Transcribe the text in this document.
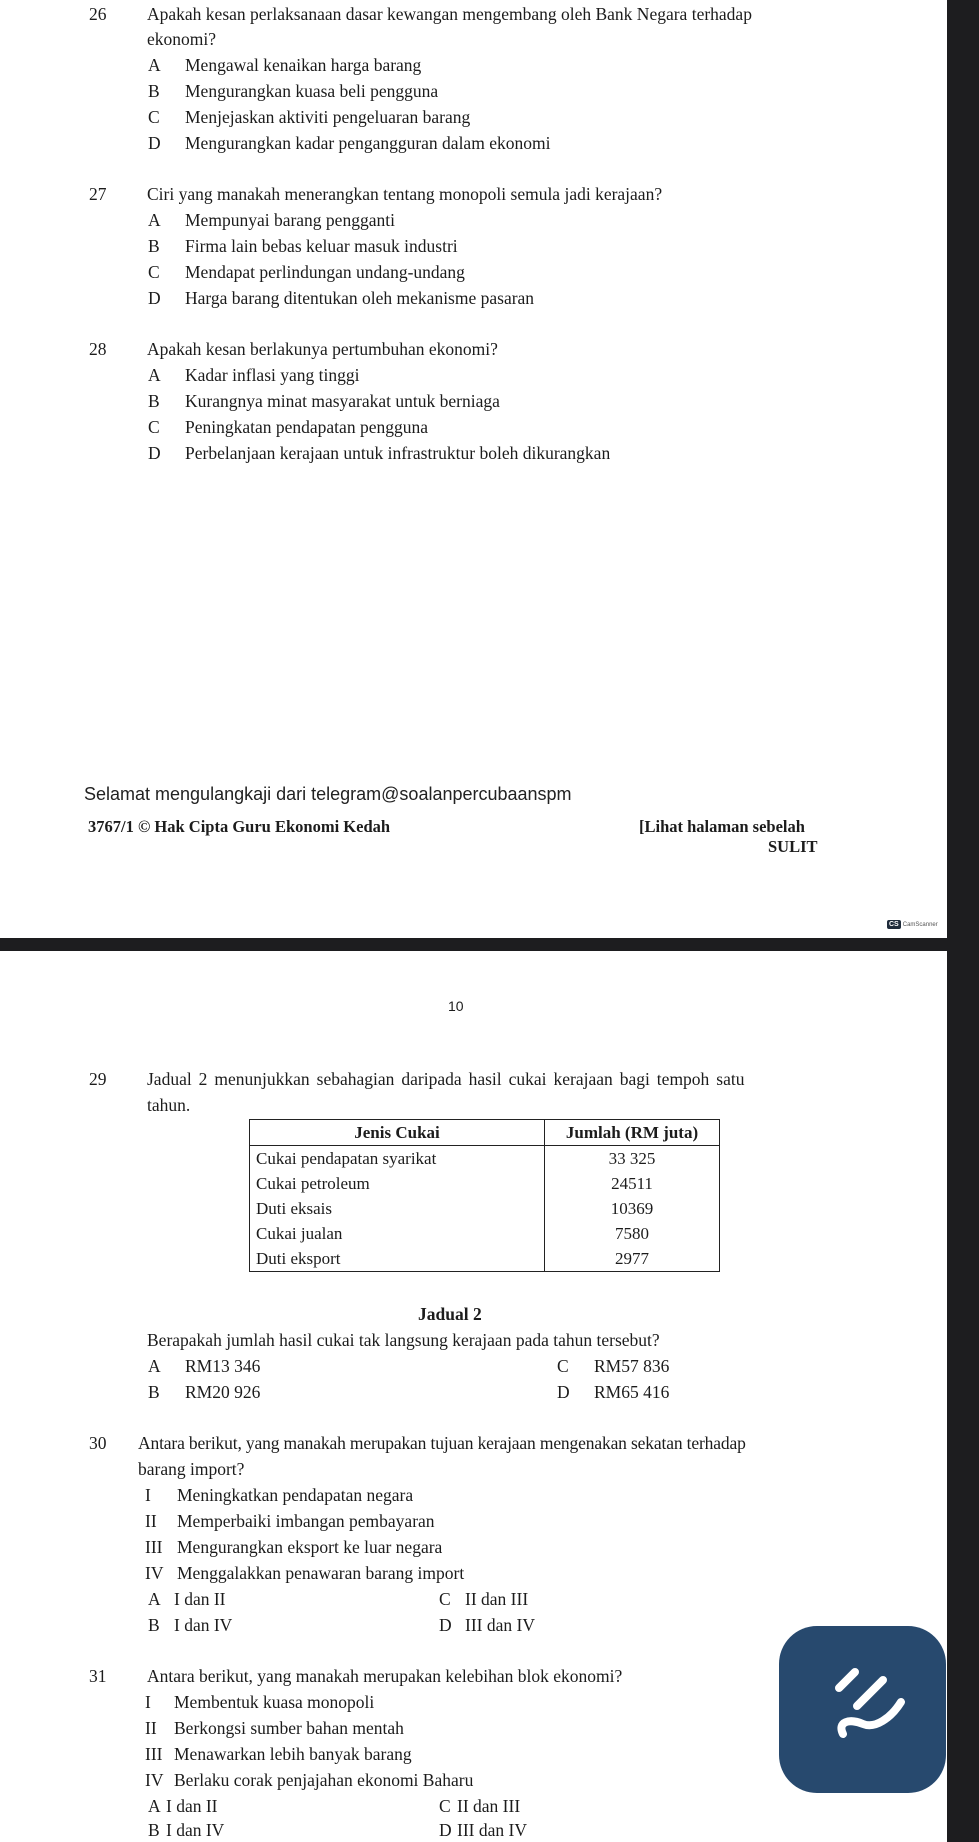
26 Apakah kesan perlaksanaan dasar kewangan mengembang oleh Bank Negara terhadap
ekonomi?
A Mengawal kenaikan harga barang
B Mengurangkan kuasa beli pengguna
C Menjejaskan aktiviti pengeluaran barang
D Mengurangkan kadar pengangguran dalam ekonomi
27 Ciri yang manakah menerangkan tentang monopoli semula jadi kerajaan?
A Mempunyai barang pengganti
B Firma lain bebas keluar masuk industri
C Mendapat perlindungan undang-undang
D Harga barang ditentukan oleh mekanisme pasaran
28 Apakah kesan berlakunya pertumbuhan ekonomi?
A Kadar inflasi yang tinggi
B Kurangnya minat masyarakat untuk berniaga
C Peningkatan pendapatan pengguna
D Perbelanjaan kerajaan untuk infrastruktur boleh dikurangkan
Selamat mengulangkaji dari telegram@soalanpercubaanspm
3767/1 © Hak Cipta Guru Ekonomi Kedah	[Lihat halaman sebelah
SULIT
CS CamScanner
10
29 Jadual 2 menunjukkan sebahagian daripada hasil cukai kerajaan bagi tempoh satu
tahun.
Jenis Cukai	Jumlah (RM juta)
Cukai pendapatan syarikat	33 325
Cukai petroleum	24511
Duti eksais	10369
Cukai jualan	7580
Duti eksport	2977
Jadual 2
Berapakah jumlah hasil cukai tak langsung kerajaan pada tahun tersebut?
A RM13 346	C RM57 836
B RM20 926	D RM65 416
30 Antara berikut, yang manakah merupakan tujuan kerajaan mengenakan sekatan terhadap
barang import?
I Meningkatkan pendapatan negara
II Memperbaiki imbangan pembayaran
III Mengurangkan eksport ke luar negara
IV Menggalakkan penawaran barang import
A I dan II	C II dan III
B I dan IV	D III dan IV
31 Antara berikut, yang manakah merupakan kelebihan blok ekonomi?
I Membentuk kuasa monopoli
II Berkongsi sumber bahan mentah
III Menawarkan lebih banyak barang
IV Berlaku corak penjajahan ekonomi Baharu
A I dan II	C II dan III
B I dan IV	D III dan IV
